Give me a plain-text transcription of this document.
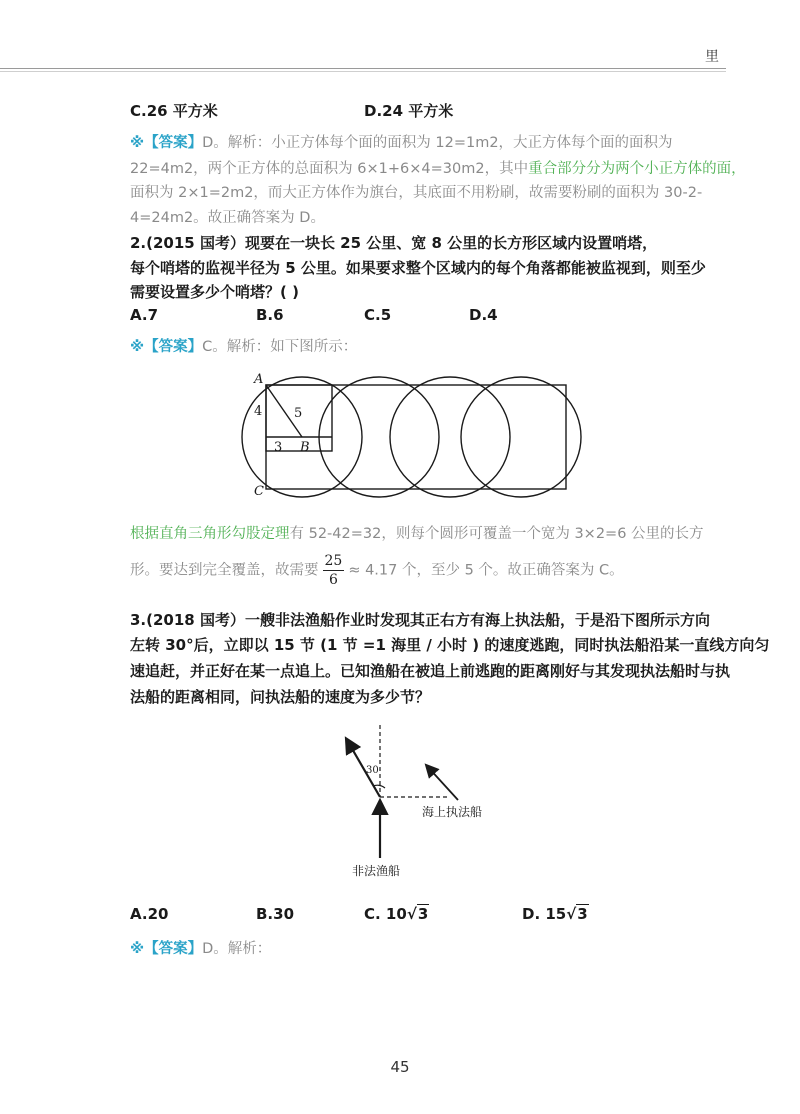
里
C.26 平方米	D.24 平方米
※【答案】D。解析：小正方体每个面的面积为 12=1m2，大正方体每个面的面积为
22=4m2，两个正方体的总面积为 6×1+6×4=30m2，其中重合部分分为两个小正方体的面，
面积为 2×1=2m2，而大正方体作为旗台，其底面不用粉刷，故需要粉刷的面积为 30-2-
4=24m2。故正确答案为 D。
2.(2015 国考）现要在一块长 25 公里、宽 8 公里的长方形区域内设置哨塔，
每个哨塔的监视半径为 5 公里。如果要求整个区域内的每个角落都能被监视到，则至少
需要设置多少个哨塔？( )
A.7	B.6	C.5	D.4
※【答案】C。解析：如下图所示：
A
4 5
3 B
C
根据直角三角形勾股定理有 52-42=32，则每个圆形可覆盖一个宽为 3×2=6 公里的长方
形。要达到完全覆盖，故需要 $\frac{25}{6} \approx 4.17$ 个，至少 5 个。故正确答案为 C。
3.(2018 国考）一艘非法渔船作业时发现其正右方有海上执法船，于是沿下图所示方向
左转 30°后，立即以 15 节 (1 节 =1 海里 / 小时 ) 的速度逃跑，同时执法船沿某一直线方向匀
速追赶，并正好在某一点追上。已知渔船在被追上前逃跑的距离刚好与其发现执法船时与执
法船的距离相同，问执法船的速度为多少节？
30
海上执法船
非法渔船
A.20	B.30	C. 10√3	D. 15√3
※【答案】D。解析：
45
